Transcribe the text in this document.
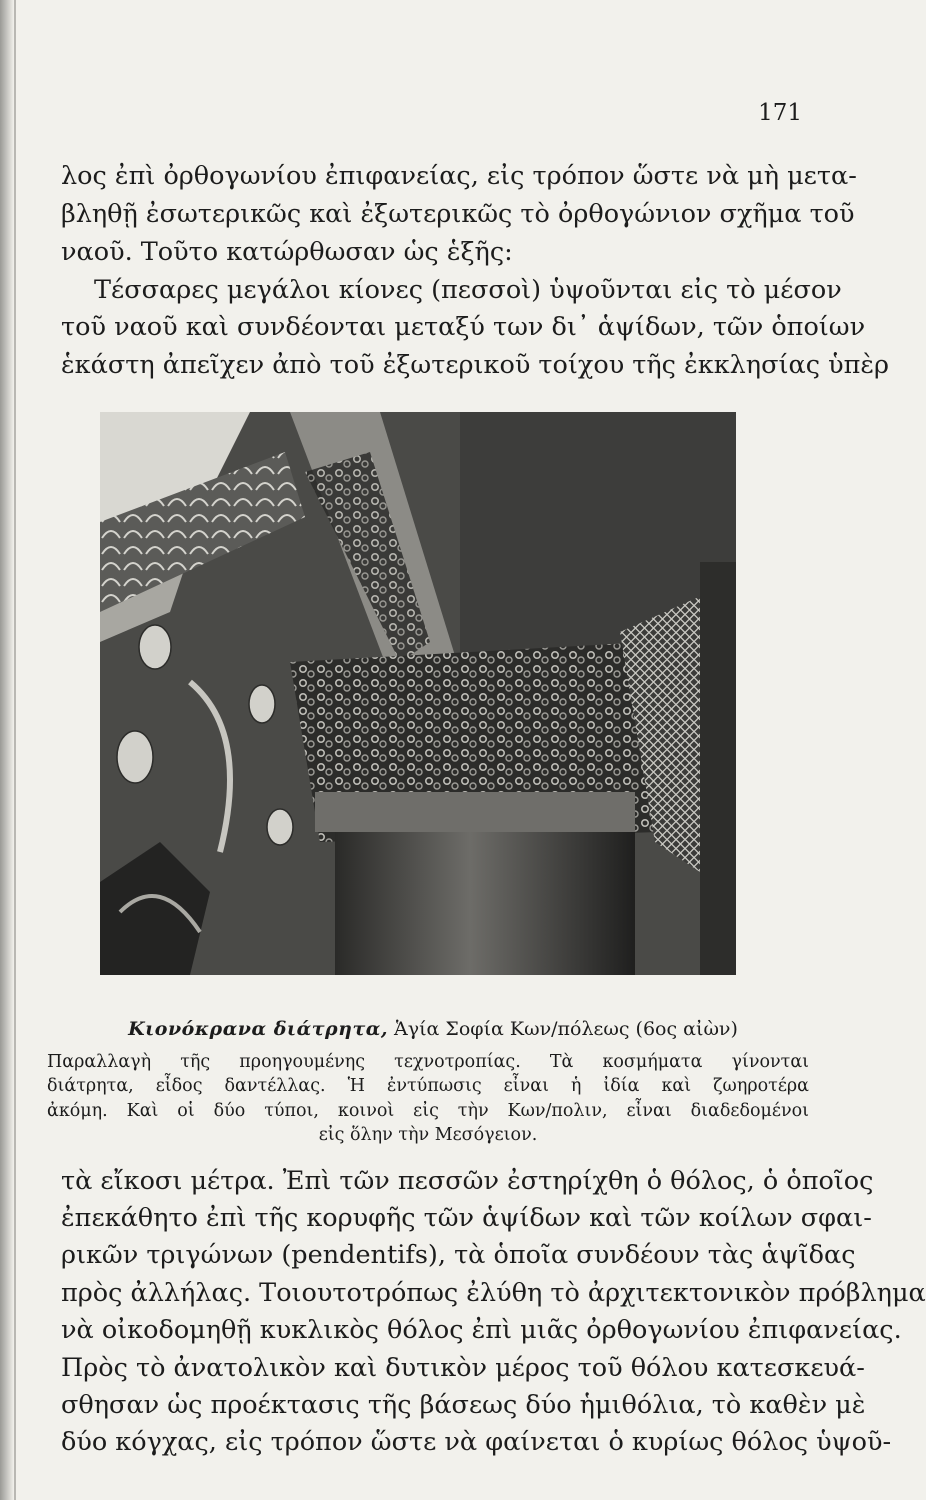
171
λος ἐπὶ ὀρθογωνίου ἐπιφανείας, εἰς τρόπον ὥστε νὰ μὴ μετα-
βληθῇ ἐσωτερικῶς καὶ ἐξωτερικῶς τὸ ὀρθογώνιον σχῆμα τοῦ
ναοῦ. Τοῦτο κατώρθωσαν ὡς ἑξῆς:
Τέσσαρες μεγάλοι κίονες (πεσσοὶ) ὑψοῦνται εἰς τὸ μέσον
τοῦ ναοῦ καὶ συνδέονται μεταξύ των δι᾽ ἁψίδων, τῶν ὁποίων
ἑκάστη ἀπεῖχεν ἀπὸ τοῦ ἐξωτερικοῦ τοίχου τῆς ἐκκλησίας ὑπὲρ
Κιονόκρανα διάτρητα, Ἁγία Σοφία Κων/πόλεως (6ος αἰὼν)
Παραλλαγὴ τῆς προηγουμένης τεχνοτροπίας. Τὰ κοσμήματα γίνονται
διάτρητα, εἶδος δαντέλλας. Ἡ ἐντύπωσις εἶναι ἡ ἰδία καὶ ζωηροτέρα
ἀκόμη. Καὶ οἱ δύο τύποι, κοινοὶ εἰς τὴν Κων/πολιν, εἶναι διαδεδομένοι
εἰς ὅλην τὴν Μεσόγειον.
τὰ εἴκοσι μέτρα. Ἐπὶ τῶν πεσσῶν ἐστηρίχθη ὁ θόλος, ὁ ὁποῖος
ἐπεκάθητο ἐπὶ τῆς κορυφῆς τῶν ἁψίδων καὶ τῶν κοίλων σφαι-
ρικῶν τριγώνων (pendentifs), τὰ ὁποῖα συνδέουν τὰς ἁψῖδας
πρὸς ἀλλήλας. Τοιουτοτρόπως ἐλύθη τὸ ἀρχιτεκτονικὸν πρόβλημα
νὰ οἰκοδομηθῇ κυκλικὸς θόλος ἐπὶ μιᾶς ὀρθογωνίου ἐπιφανείας.
Πρὸς τὸ ἀνατολικὸν καὶ δυτικὸν μέρος τοῦ θόλου κατεσκευά-
σθησαν ὡς προέκτασις τῆς βάσεως δύο ἡμιθόλια, τὸ καθὲν μὲ
δύο κόγχας, εἰς τρόπον ὥστε νὰ φαίνεται ὁ κυρίως θόλος ὑψοῦ-
